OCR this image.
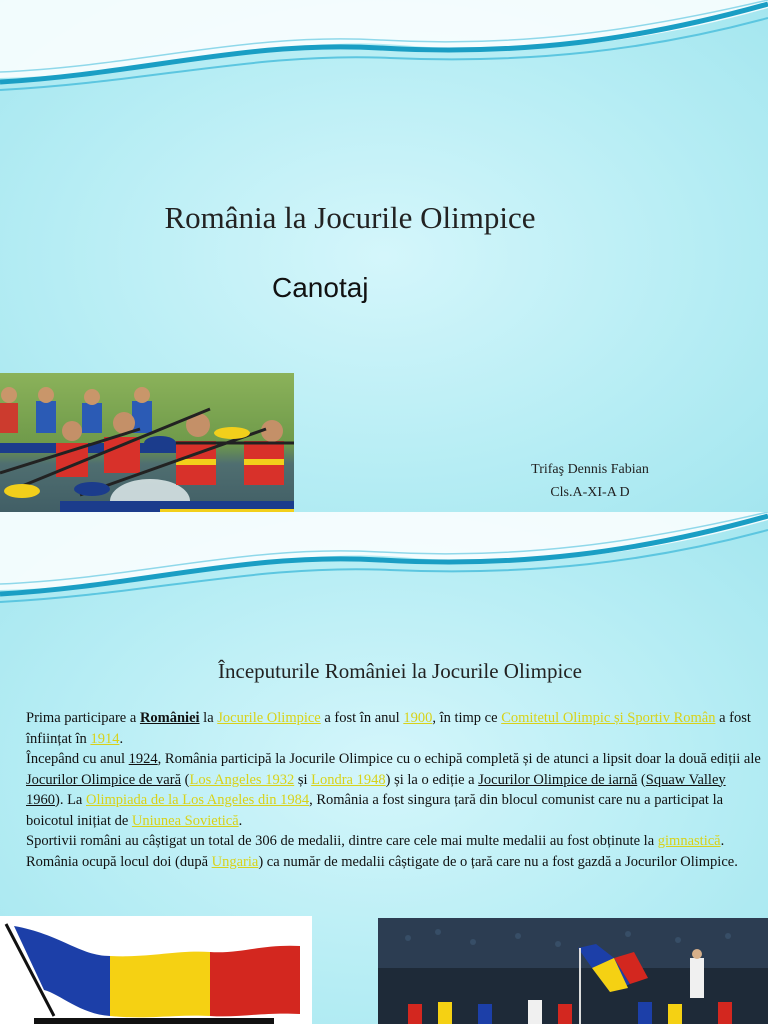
România la Jocurile Olimpice
Canotaj
Trifaş Dennis Fabian
Cls.A-XI-A D
Începuturile României la Jocurile Olimpice

Prima participare a României la Jocurile Olimpice a fost în anul 1900, în timp ce Comitetul Olimpic și Sportiv Român a fost înființat în 1914.

Începând cu anul 1924, România participă la Jocurile Olimpice cu o echipă completă și de atunci a lipsit doar la două ediții ale Jocurilor Olimpice de vară (Los Angeles 1932 și Londra 1948) și la o ediție a Jocurilor Olimpice de iarnă (Squaw Valley 1960). La Olimpiada de la Los Angeles din 1984, România a fost singura țară din blocul comunist care nu a participat la boicotul inițiat de Uniunea Sovietică.

Sportivii români au câștigat un total de 306 de medalii, dintre care cele mai multe medalii au fost obținute la gimnastică. România ocupă locul doi (după Ungaria) ca număr de medalii câștigate de o țară care nu a fost gazdă a Jocurilor Olimpice.
